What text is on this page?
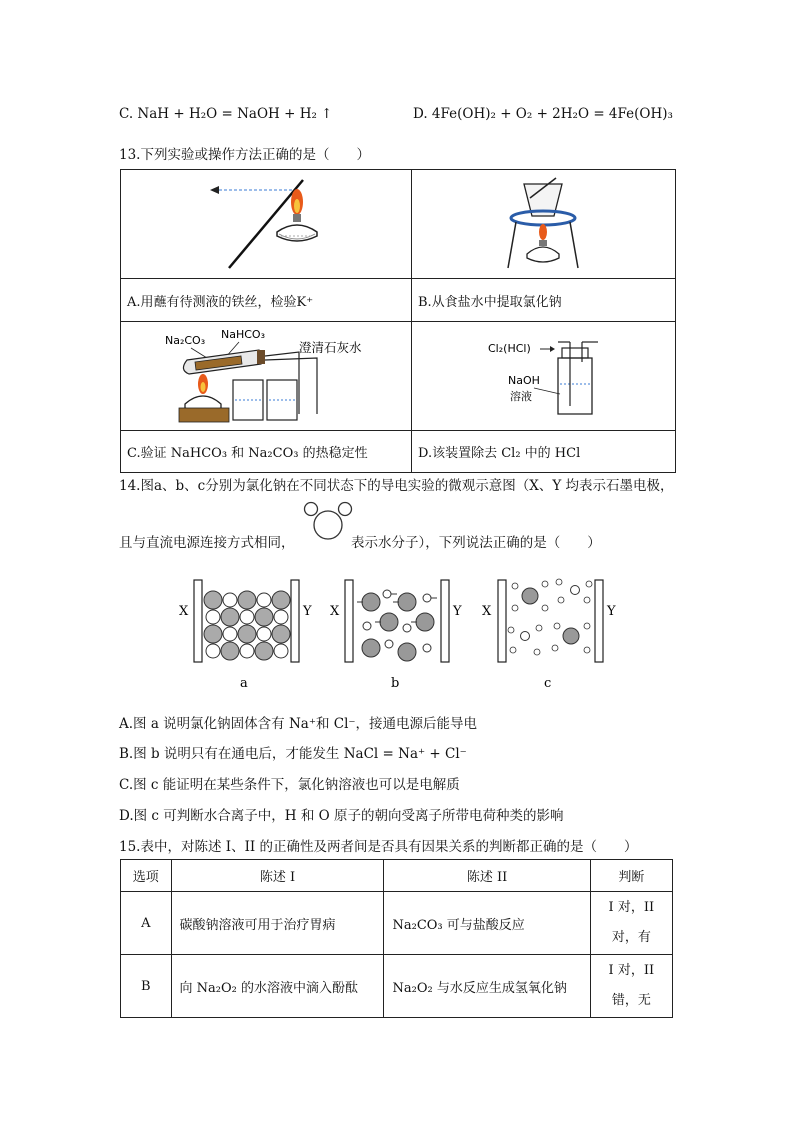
C. NaH + H₂O = NaOH + H₂ ↑	D. 4Fe(OH)₂ + O₂ + 2H₂O = 4Fe(OH)₃
13.下列实验或操作方法正确的是（　　）

A.用蘸有待测液的铁丝，检验K⁺	B.从食盐水中提取氯化钠

Na₂CO₃ NaHCO₃
澄清石灰水	Cl₂(HCl)
NaOH
溶液

C.验证 NaHCO₃ 和 Na₂CO₃ 的热稳定性	D.该装置除去 Cl₂ 中的 HCl
14.图a、b、c分别为氯化钠在不同状态下的导电实验的微观示意图（X、Y 均表示石墨电极，
且与直流电源连接方式相同，	表示水分子），下列说法正确的是（　　）
X	Y
a
X	Y
b
X	Y
c
A.图 a 说明氯化钠固体含有 Na⁺和 Cl⁻，接通电源后能导电
B.图 b 说明只有在通电后，才能发生 NaCl = Na⁺ + Cl⁻
C.图 c 能证明在某些条件下，氯化钠溶液也可以是电解质
D.图 c 可判断水合离子中，H 和 O 原子的朝向受离子所带电荷种类的影响
15.表中，对陈述 I、II 的正确性及两者间是否具有因果关系的判断都正确的是（　　）
选项	陈述 I	陈述 II	判断
A	碳酸钠溶液可用于治疗胃病	Na₂CO₃ 可与盐酸反应	I 对，II
对，有

B	向 Na₂O₂ 的水溶液中滴入酚酞	Na₂O₂ 与水反应生成氢氧化钠	I 对，II
错，无
